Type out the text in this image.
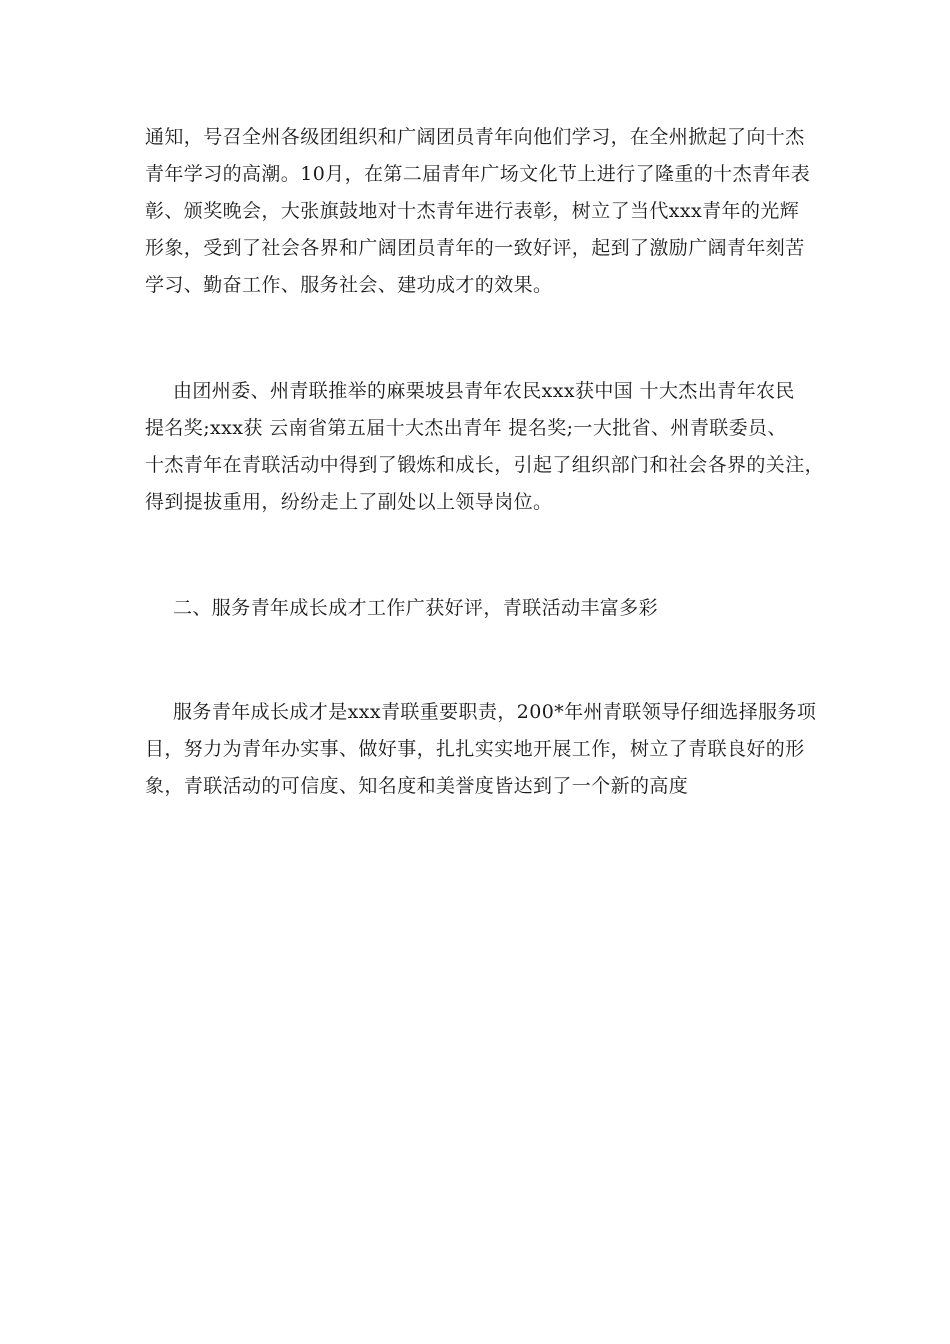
通知，号召全州各级团组织和广阔团员青年向他们学习，在全州掀起了向十杰
青年学习的高潮。10月，在第二届青年广场文化节上进行了隆重的十杰青年表
彰、颁奖晚会，大张旗鼓地对十杰青年进行表彰，树立了当代xxx青年的光辉
形象，受到了社会各界和广阔团员青年的一致好评，起到了激励广阔青年刻苦
学习、勤奋工作、服务社会、建功成才的效果。
由团州委、州青联推举的麻栗坡县青年农民xxx获中国 十大杰出青年农民
提名奖;xxx获 云南省第五届十大杰出青年 提名奖;一大批省、州青联委员、
十杰青年在青联活动中得到了锻炼和成长，引起了组织部门和社会各界的关注，
得到提拔重用，纷纷走上了副处以上领导岗位。
二、服务青年成长成才工作广获好评，青联活动丰富多彩
服务青年成长成才是xxx青联重要职责，200*年州青联领导仔细选择服务项
目，努力为青年办实事、做好事，扎扎实实地开展工作，树立了青联良好的形
象，青联活动的可信度、知名度和美誉度皆达到了一个新的高度
